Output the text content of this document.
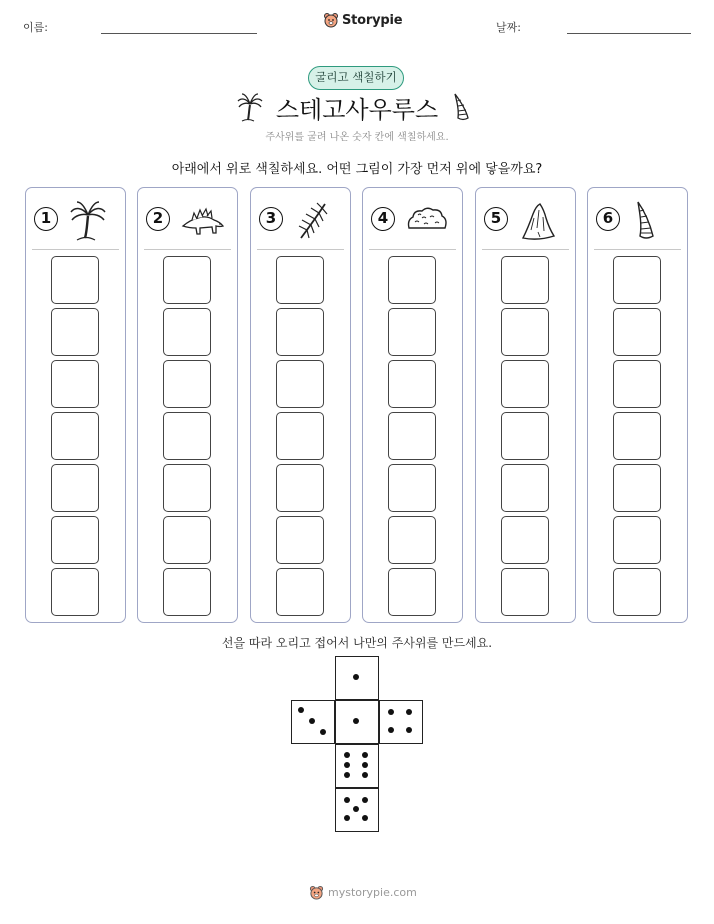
이름:	Storypie	날짜:
굴리고 색칠하기
스테고사우루스
주사위를 굴려 나온 숫자 칸에 색칠하세요.
아래에서 위로 색칠하세요. 어떤 그림이 가장 먼저 위에 닿을까요?
1	2	3	4	5	6
선을 따라 오리고 접어서 나만의 주사위를 만드세요.
mystorypie.com
